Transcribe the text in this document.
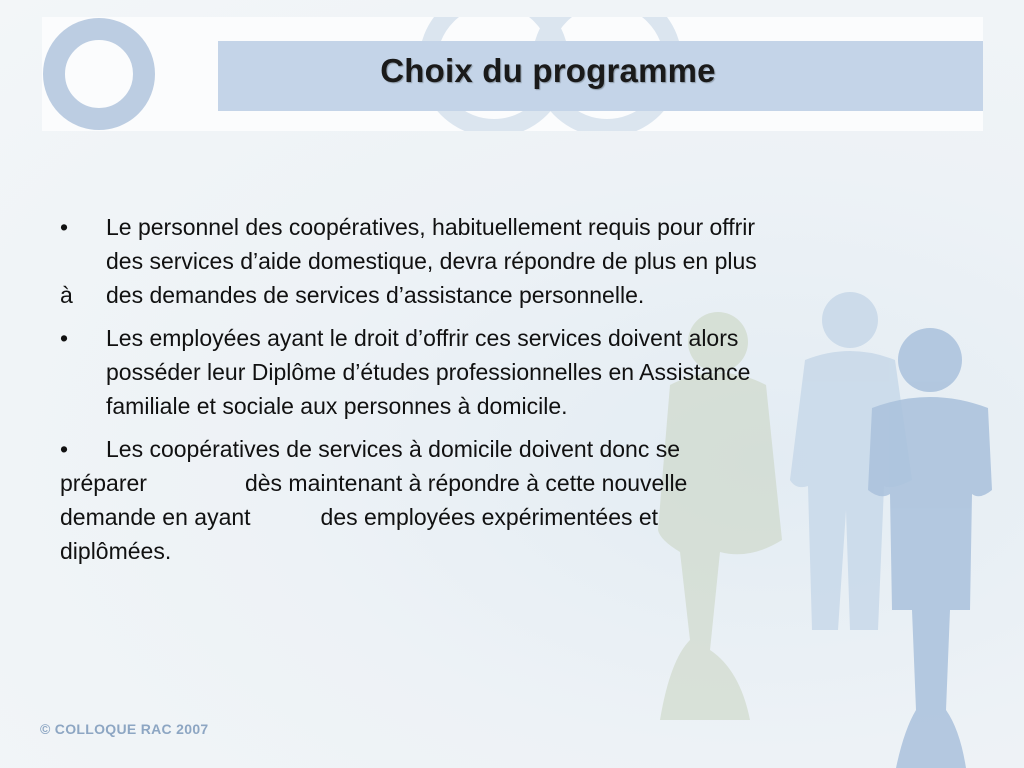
Choix du programme
• Le personnel des coopératives, habituellement requis pour offrir
des services d’aide domestique, devra répondre de plus en plus
à des demandes de services d’assistance personnelle.
• Les employées ayant le droit d’offrir ces services doivent alors
posséder leur Diplôme d’études professionnelles en Assistance
familiale et sociale aux personnes à domicile.
• Les coopératives de services à domicile doivent donc se
préparer	dès maintenant à répondre à cette nouvelle
demande en ayant	des employées expérimentées et
diplômées.
© COLLOQUE RAC 2007
